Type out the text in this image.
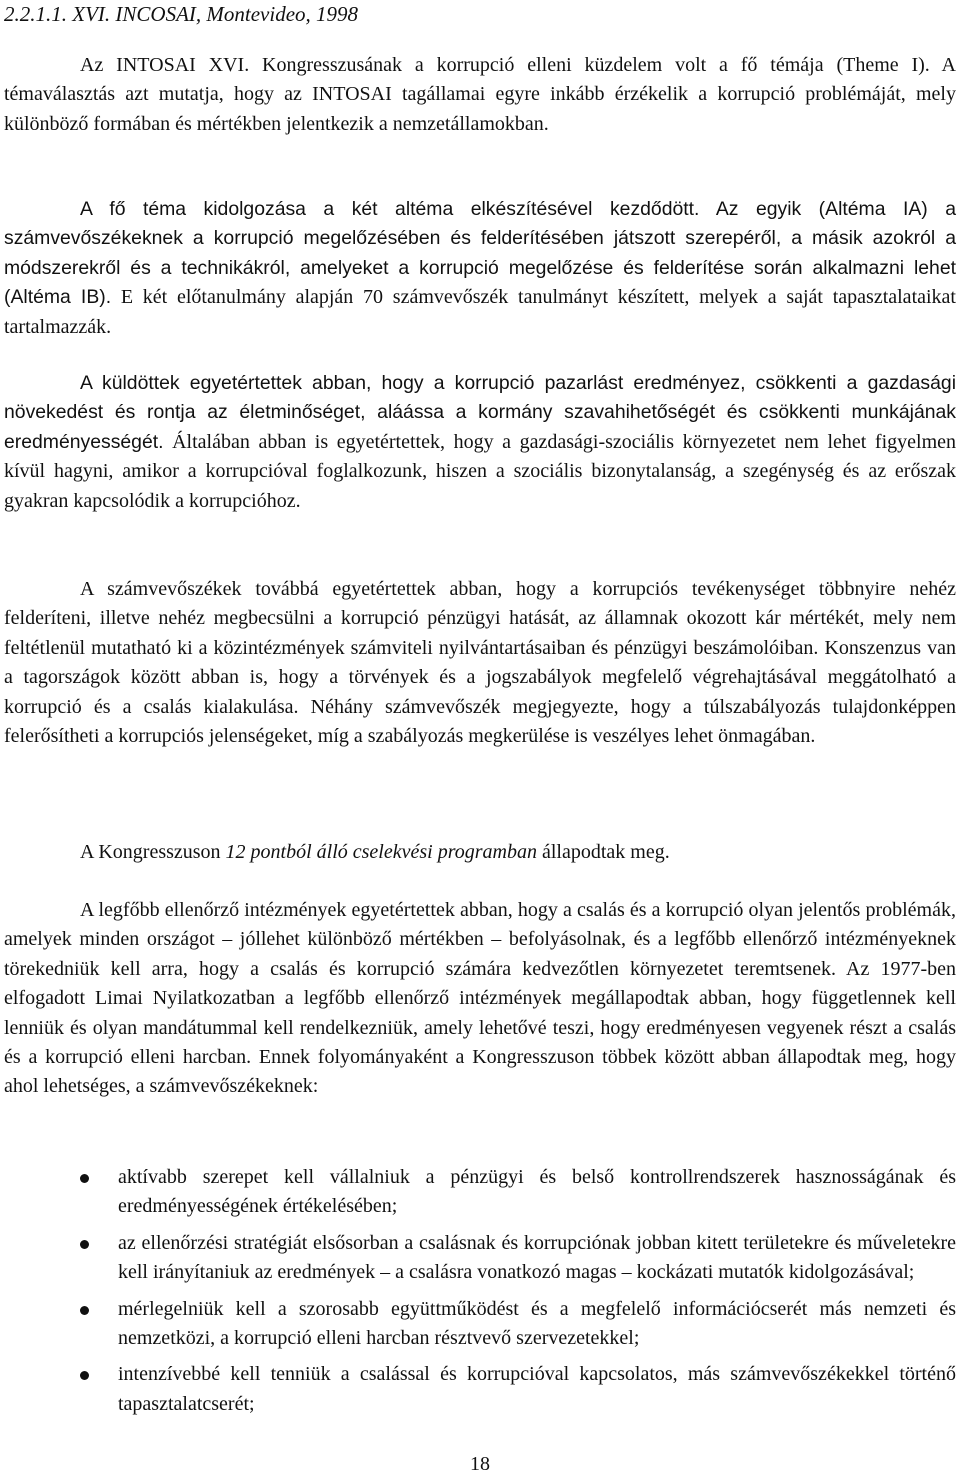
2.2.1.1. XVI. INCOSAI, Montevideo, 1998

Az INTOSAI XVI. Kongresszusának a korrupció elleni küzdelem volt a fő témája (Theme I). A témaválasztás azt mutatja, hogy az INTOSAI tagállamai egyre inkább érzékelik a korrupció problémáját, mely különböző formában és mértékben jelentkezik a nemzetállamokban.

A fő téma kidolgozása a két altéma elkészítésével kezdődött. Az egyik (Altéma IA) a számvevőszékeknek a korrupció megelőzésében és felderítésében játszott szerepéről, a másik azokról a módszerekről és a technikákról, amelyeket a korrupció megelőzése és felderítése során alkalmazni lehet (Altéma IB). E két előtanulmány alapján 70 számvevőszék tanulmányt készített, melyek a saját tapasztalataikat tartalmazzák.

A küldöttek egyetértettek abban, hogy a korrupció pazarlást eredményez, csökkenti a gazdasági növekedést és rontja az életminőséget, aláássa a kormány szavahihetőségét és csökkenti munkájának eredményességét. Általában abban is egyetértettek, hogy a gazdasági-szociális környezetet nem lehet figyelmen kívül hagyni, amikor a korrupcióval foglalkozunk, hiszen a szociális bizonytalanság, a szegénység és az erőszak gyakran kapcsolódik a korrupcióhoz.

A számvevőszékek továbbá egyetértettek abban, hogy a korrupciós tevékenységet többnyire nehéz felderíteni, illetve nehéz megbecsülni a korrupció pénzügyi hatását, az államnak okozott kár mértékét, mely nem feltétlenül mutatható ki a közintézmények számviteli nyilvántartásaiban és pénzügyi beszámolóiban. Konszenzus van a tagországok között abban is, hogy a törvények és a jogszabályok megfelelő végrehajtásával meggátolható a korrupció és a csalás kialakulása. Néhány számvevőszék megjegyezte, hogy a túlszabályozás tulajdonképpen felerősítheti a korrupciós jelenségeket, míg a szabályozás megkerülése is veszélyes lehet önmagában.

A Kongresszuson 12 pontból álló cselekvési programban állapodtak meg.

A legfőbb ellenőrző intézmények egyetértettek abban, hogy a csalás és a korrupció olyan jelentős problémák, amelyek minden országot – jóllehet különböző mértékben – befolyásolnak, és a legfőbb ellenőrző intézményeknek törekedniük kell arra, hogy a csalás és korrupció számára kedvezőtlen környezetet teremtsenek. Az 1977-ben elfogadott Limai Nyilatkozatban a legfőbb ellenőrző intézmények megállapodtak abban, hogy függetlennek kell lenniük és olyan mandátummal kell rendelkezniük, amely lehetővé teszi, hogy eredményesen vegyenek részt a csalás és a korrupció elleni harcban. Ennek folyományaként a Kongresszuson többek között abban állapodtak meg, hogy ahol lehetséges, a számvevőszékeknek:

aktívabb szerepet kell vállalniuk a pénzügyi és belső kontrollrendszerek hasznosságának és eredményességének értékelésében;
az ellenőrzési stratégiát elsősorban a csalásnak és korrupciónak jobban kitett területekre és műveletekre kell irányítaniuk az eredmények – a csalásra vonatkozó magas – kockázati mutatók kidolgozásával;
mérlegelniük kell a szorosabb együttműködést és a megfelelő információcserét más nemzeti és nemzetközi, a korrupció elleni harcban résztvevő szervezetekkel;
intenzívebbé kell tenniük a csalással és korrupcióval kapcsolatos, más számvevőszékekkel történő tapasztalatcserét;
18
